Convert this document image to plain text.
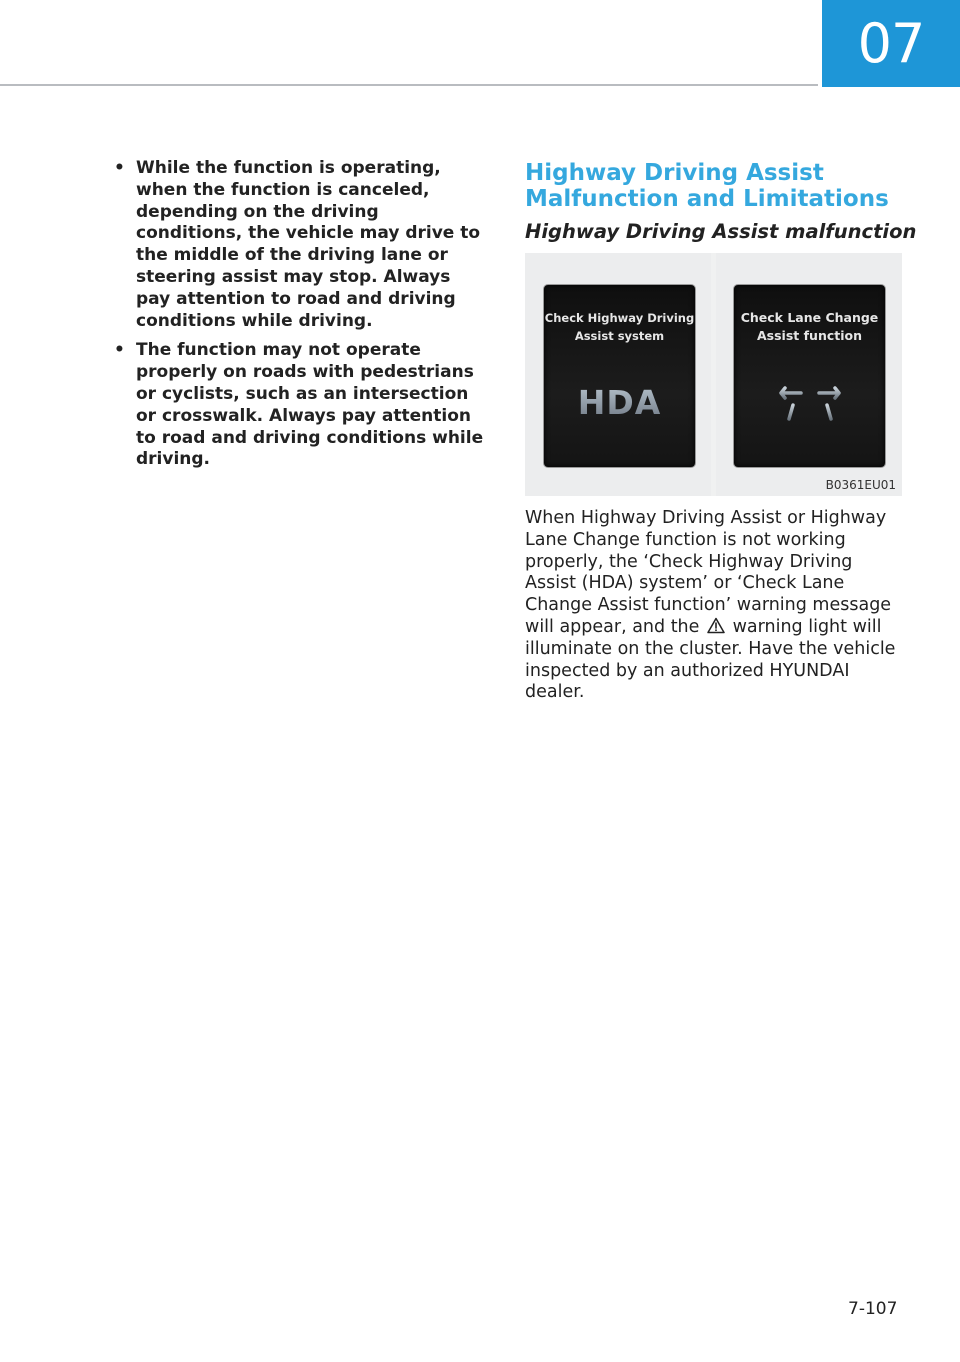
07
• While the function is operating, when the function is canceled, depending on the driving conditions, the vehicle may drive to the middle of the driving lane or steering assist may stop. Always pay attention to road and driving conditions while driving.
• The function may not operate properly on roads with pedestrians or cyclists, such as an intersection or crosswalk. Always pay attention to road and driving conditions while driving.
Highway Driving Assist
Malfunction and Limitations
Highway Driving Assist malfunction
Check Highway Driving
Assist system
HDA
Check Lane Change
Assist function
B0361EU01

When Highway Driving Assist or Highway Lane Change function is not working properly, the ‘Check Highway Driving Assist (HDA) system’ or ‘Check Lane Change Assist function’ warning message will appear, and the warning light will illuminate on the cluster. Have the vehicle inspected by an authorized HYUNDAI dealer.

7-107
